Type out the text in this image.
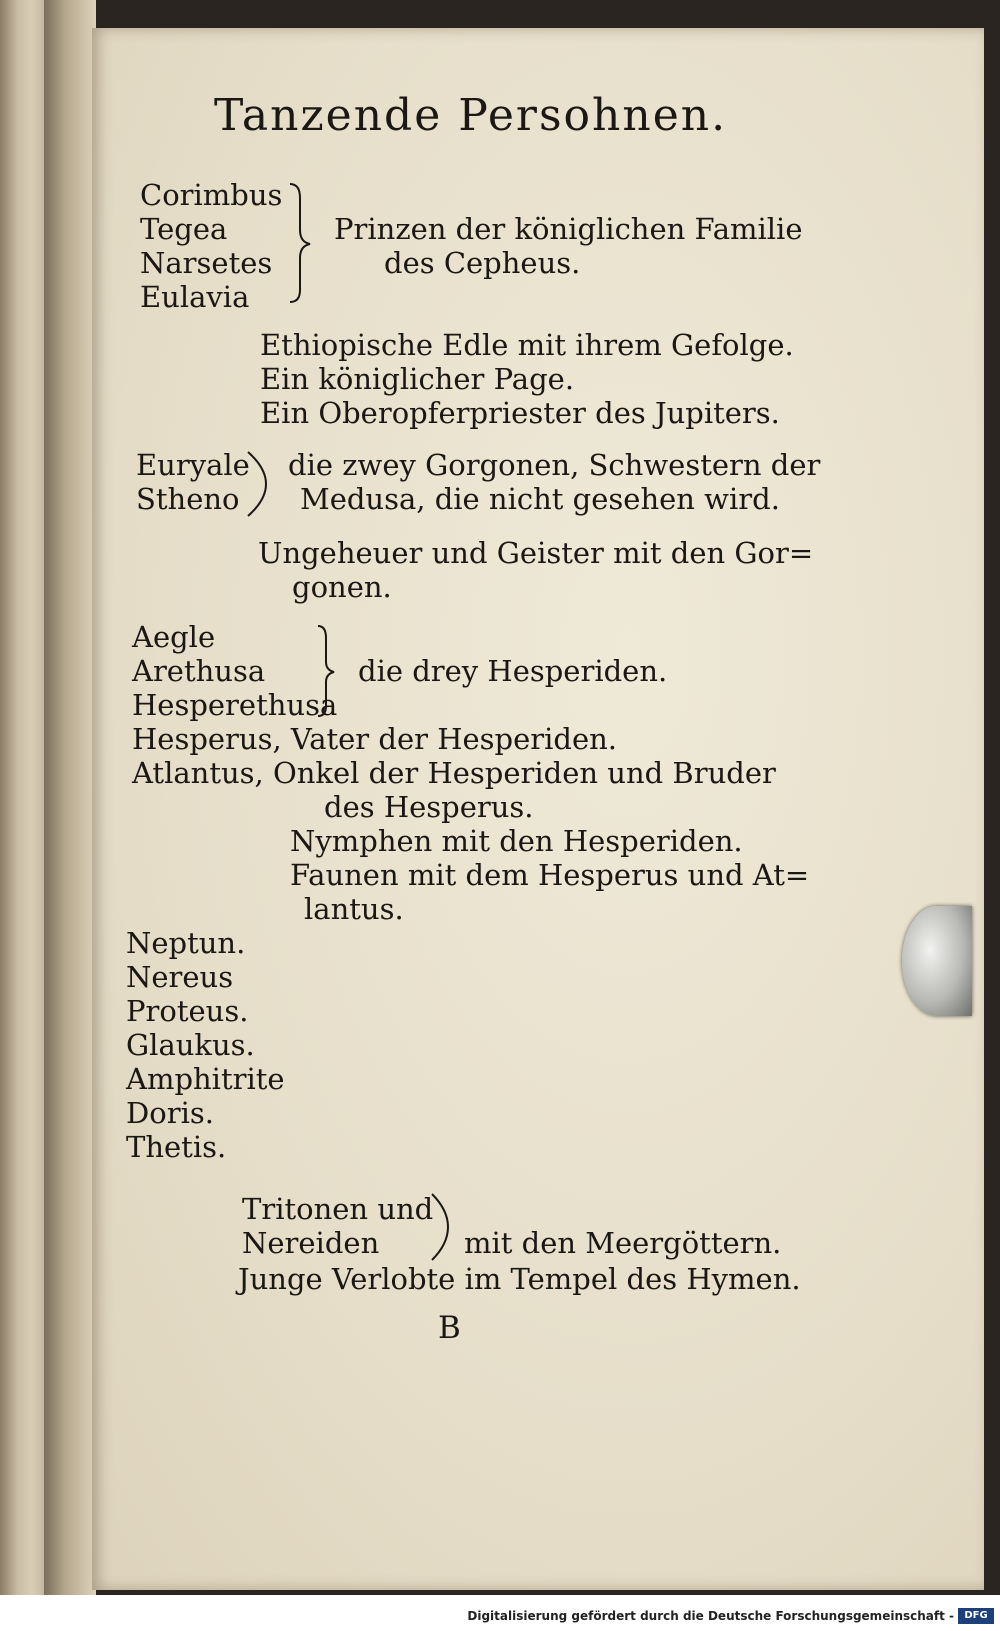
Tanzende Persohnen.
Corimbus
Tegea
Narsetes
Eulavia
Prinzen der königlichen Familie
des Cepheus.
Ethiopische Edle mit ihrem Gefolge.
Ein königlicher Page.
Ein Oberopferpriester des Jupiters.
Euryale
Stheno
die zwey Gorgonen, Schwestern der
Medusa, die nicht gesehen wird.
Ungeheuer und Geister mit den Gor=
gonen.
Aegle
Arethusa
Hesperethusa
die drey Hesperiden.
Hesperus, Vater der Hesperiden.
Atlantus, Onkel der Hesperiden und Bruder
des Hesperus.
Nymphen mit den Hesperiden.
Faunen mit dem Hesperus und At=
lantus.
Neptun.
Nereus
Proteus.
Glaukus.
Amphitrite
Doris.
Thetis.
Tritonen und
Nereiden	mit den Meergöttern.
Junge Verlobte im Tempel des Hymen.
B
Digitalisierung gefördert durch die Deutsche Forschungsgemeinschaft -	DFG
